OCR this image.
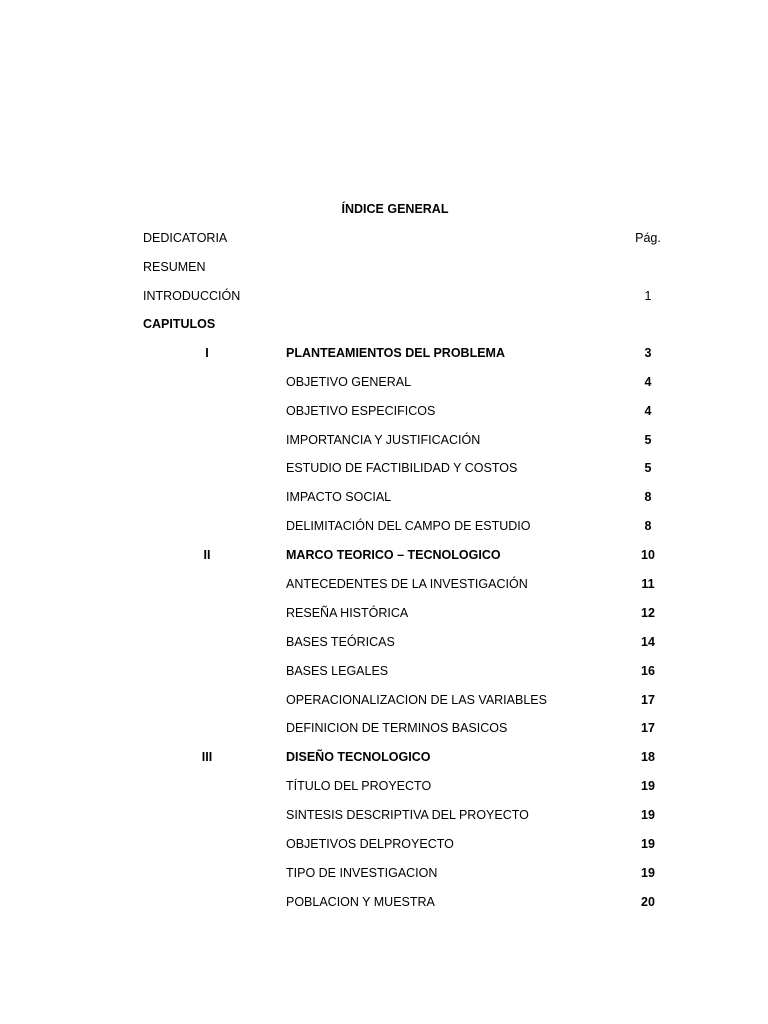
ÍNDICE GENERAL
DEDICATORIA	Pág.
RESUMEN
INTRODUCCIÓN	1
CAPITULOS
I	PLANTEAMIENTOS DEL PROBLEMA	3
OBJETIVO GENERAL	4
OBJETIVO ESPECIFICOS	4
IMPORTANCIA Y JUSTIFICACIÓN	5
ESTUDIO DE FACTIBILIDAD Y COSTOS	5
IMPACTO SOCIAL	8
DELIMITACIÓN DEL CAMPO DE ESTUDIO	8
II	MARCO TEORICO – TECNOLOGICO	10
ANTECEDENTES DE LA INVESTIGACIÓN	11
RESEÑA HISTÓRICA	12
BASES TEÓRICAS	14
BASES LEGALES	16
OPERACIONALIZACION DE LAS VARIABLES	17
DEFINICION DE TERMINOS BASICOS	17
III	DISEÑO TECNOLOGICO	18
TÍTULO DEL PROYECTO	19
SINTESIS DESCRIPTIVA DEL PROYECTO	19
OBJETIVOS DELPROYECTO	19
TIPO DE INVESTIGACION	19
POBLACION Y MUESTRA	20
